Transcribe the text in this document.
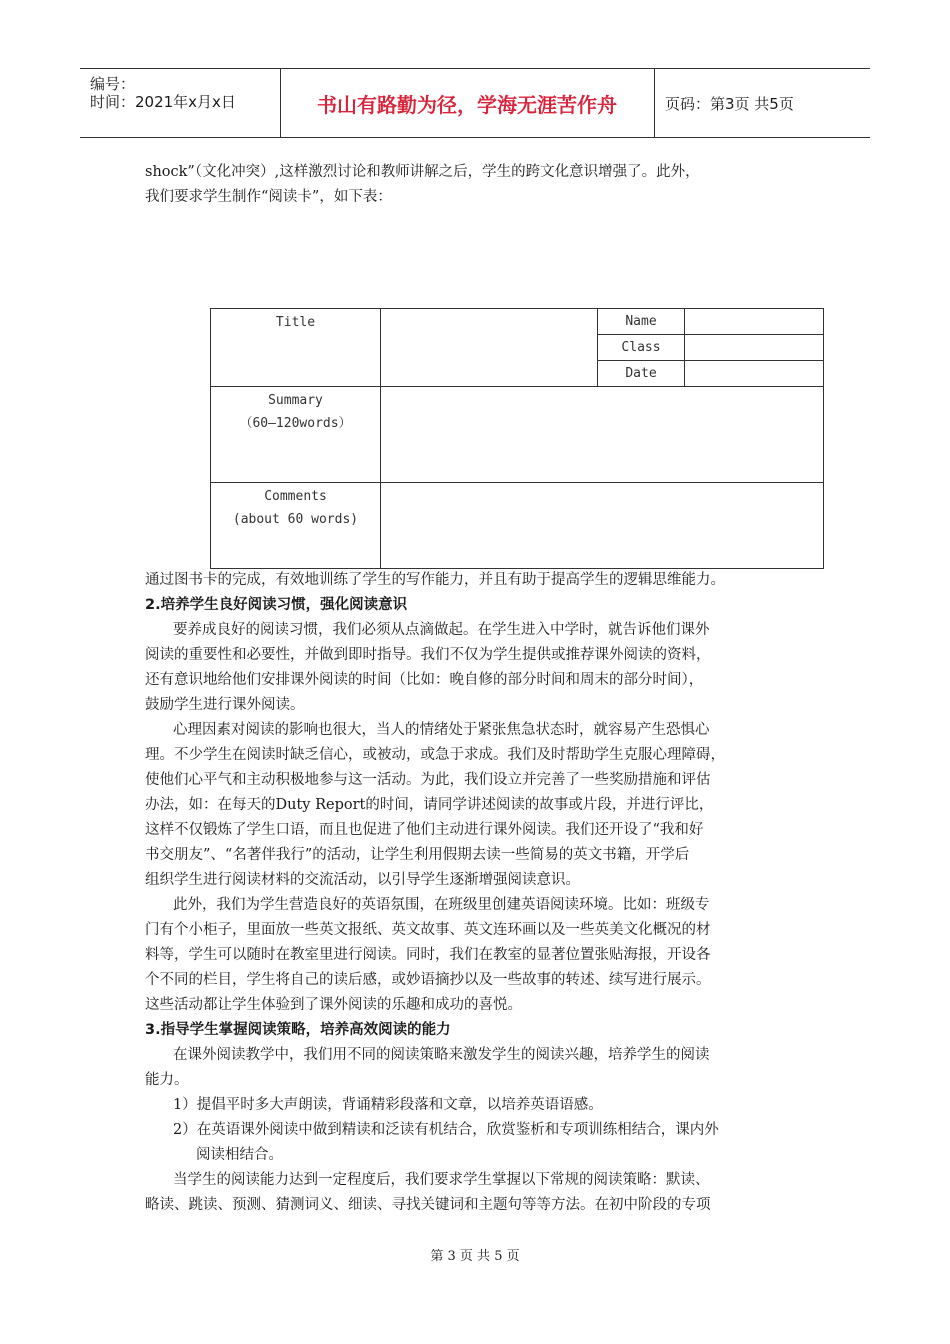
编号：
时间：2021年x月x日	书山有路勤为径，学海无涯苦作舟	页码：第3页 共5页
shock”（文化冲突）,这样激烈讨论和教师讲解之后，学生的跨文化意识增强了。此外，
我们要求学生制作“阅读卡”，如下表：
Title		Name	

		Class	

		Date	

Summary
（60—120words）			

Comments
(about 60 words)			

通过图书卡的完成，有效地训练了学生的写作能力，并且有助于提高学生的逻辑思维能力。
2.培养学生良好阅读习惯，强化阅读意识
要养成良好的阅读习惯，我们必须从点滴做起。在学生进入中学时，就告诉他们课外
阅读的重要性和必要性，并做到即时指导。我们不仅为学生提供或推荐课外阅读的资料，
还有意识地给他们安排课外阅读的时间（比如：晚自修的部分时间和周末的部分时间），
鼓励学生进行课外阅读。
心理因素对阅读的影响也很大，当人的情绪处于紧张焦急状态时，就容易产生恐惧心
理。不少学生在阅读时缺乏信心，或被动，或急于求成。我们及时帮助学生克服心理障碍，
使他们心平气和主动积极地参与这一活动。为此，我们设立并完善了一些奖励措施和评估
办法，如：在每天的Duty Report的时间，请同学讲述阅读的故事或片段，并进行评比，
这样不仅锻炼了学生口语，而且也促进了他们主动进行课外阅读。我们还开设了“我和好
书交朋友”、“名著伴我行”的活动，让学生利用假期去读一些简易的英文书籍，开学后
组织学生进行阅读材料的交流活动，以引导学生逐渐增强阅读意识。
此外，我们为学生营造良好的英语氛围，在班级里创建英语阅读环境。比如：班级专
门有个小柜子，里面放一些英文报纸、英文故事、英文连环画以及一些英美文化概况的材
料等，学生可以随时在教室里进行阅读。同时，我们在教室的显著位置张贴海报，开设各
个不同的栏目，学生将自己的读后感，或妙语摘抄以及一些故事的转述、续写进行展示。
这些活动都让学生体验到了课外阅读的乐趣和成功的喜悦。
3.指导学生掌握阅读策略，培养高效阅读的能力
在课外阅读教学中，我们用不同的阅读策略来激发学生的阅读兴趣，培养学生的阅读
能力。
1）提倡平时多大声朗读，背诵精彩段落和文章，以培养英语语感。
2）在英语课外阅读中做到精读和泛读有机结合，欣赏鉴析和专项训练相结合，课内外
阅读相结合。
当学生的阅读能力达到一定程度后，我们要求学生掌握以下常规的阅读策略：默读、
略读、跳读、预测、猜测词义、细读、寻找关键词和主题句等等方法。在初中阶段的专项
第 3 页 共 5 页
